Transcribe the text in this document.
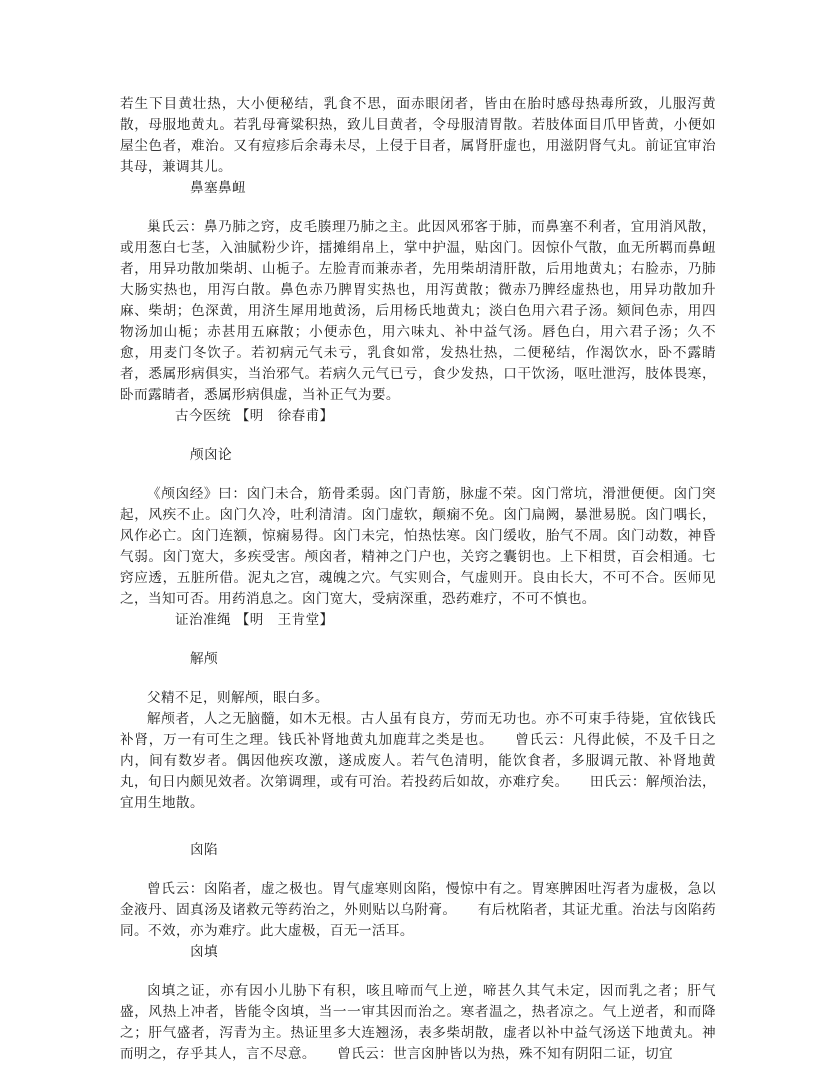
若生下目黄壮热，大小便秘结，乳食不思，面赤眼闭者，皆由在胎时感母热毒所致，儿服泻黄散，母服地黄丸。若乳母膏粱积热，致儿目黄者，令母服清胃散。若肢体面目爪甲皆黄，小便如屋尘色者，难治。又有痘疹后余毒未尽，上侵于目者，属肾肝虚也，用滋阴肾气丸。前证宜审治其母，兼调其儿。

鼻塞鼻衄

巢氏云：鼻乃肺之窍，皮毛腠理乃肺之主。此因风邪客于肺，而鼻塞不利者，宜用消风散，或用葱白七茎，入油腻粉少许，擂摊绢帛上，掌中护温，贴囟门。因惊仆气散，血无所羁而鼻衄者，用异功散加柴胡、山栀子。左脸青而兼赤者，先用柴胡清肝散，后用地黄丸；右脸赤，乃肺大肠实热也，用泻白散。鼻色赤乃脾胃实热也，用泻黄散；微赤乃脾经虚热也，用异功散加升麻、柴胡；色深黄，用济生犀用地黄汤，后用杨氏地黄丸；淡白色用六君子汤。颏间色赤，用四物汤加山栀；赤甚用五麻散；小便赤色，用六味丸、补中益气汤。唇色白，用六君子汤；久不愈，用麦门冬饮子。若初病元气未亏，乳食如常，发热壮热，二便秘结，作渴饮水，卧不露睛者，悉属形病俱实，当治邪气。若病久元气已亏，食少发热，口干饮汤，呕吐泄泻，肢体畏寒，卧而露睛者，悉属形病俱虚，当补正气为要。

古今医统 【明　徐春甫】
颅囟论

《颅囟经》曰：囟门未合，筋骨柔弱。囟门青筋，脉虚不荣。囟门常坑，滑泄便便。囟门突起，风疾不止。囟门久冷，吐利清清。囟门虚软，颠痫不免。囟门扁阙，暴泄易脱。囟门喁长，风作必亡。囟门连额，惊痫易得。囟门未完，怕热怯寒。囟门缓收，胎气不周。囟门动数，神昏气弱。囟门宽大，多疾受害。颅囟者，精神之门户也，关窍之囊钥也。上下相贯，百会相通。七窍应透，五脏所借。泥丸之宫，魂魄之穴。气实则合，气虚则开。良由长大，不可不合。医师见之，当知可否。用药消息之。囟门宽大，受病深重，恐药难疗，不可不慎也。

证治准绳 【明　王肯堂】
解颅

父精不足，则解颅，眼白多。

解颅者，人之无脑髓，如木无根。古人虽有良方，劳而无功也。亦不可束手待毙，宜依钱氏补肾，万一有可生之理。钱氏补肾地黄丸加鹿茸之类是也。　　曾氏云：凡得此候，不及千日之内，间有数岁者。偶因他疾攻激，遂成废人。若气色清明，能饮食者，多服调元散、补肾地黄丸，旬日内颇见效者。次第调理，或有可治。若投药后如故，亦难疗矣。　　田氏云：解颅治法，宜用生地散。

囟陷

曾氏云：囟陷者，虚之极也。胃气虚寒则囟陷，慢惊中有之。胃寒脾困吐泻者为虚极，急以金液丹、固真汤及诸救元等药治之，外则贴以乌附膏。　　有后枕陷者，其证尤重。治法与囟陷药同。不效，亦为难疗。此大虚极，百无一活耳。

囟填

囟填之证，亦有因小儿胁下有积，咳且啼而气上逆，啼甚久其气未定，因而乳之者；肝气盛，风热上冲者，皆能令囟填，当一一审其因而治之。寒者温之，热者凉之。气上逆者，和而降之；肝气盛者，泻青为主。热证里多大连翘汤，表多柴胡散，虚者以补中益气汤送下地黄丸。神而明之，存乎其人，言不尽意。　　曾氏云：世言囟肿皆以为热，殊不知有阴阳二证，切宜
